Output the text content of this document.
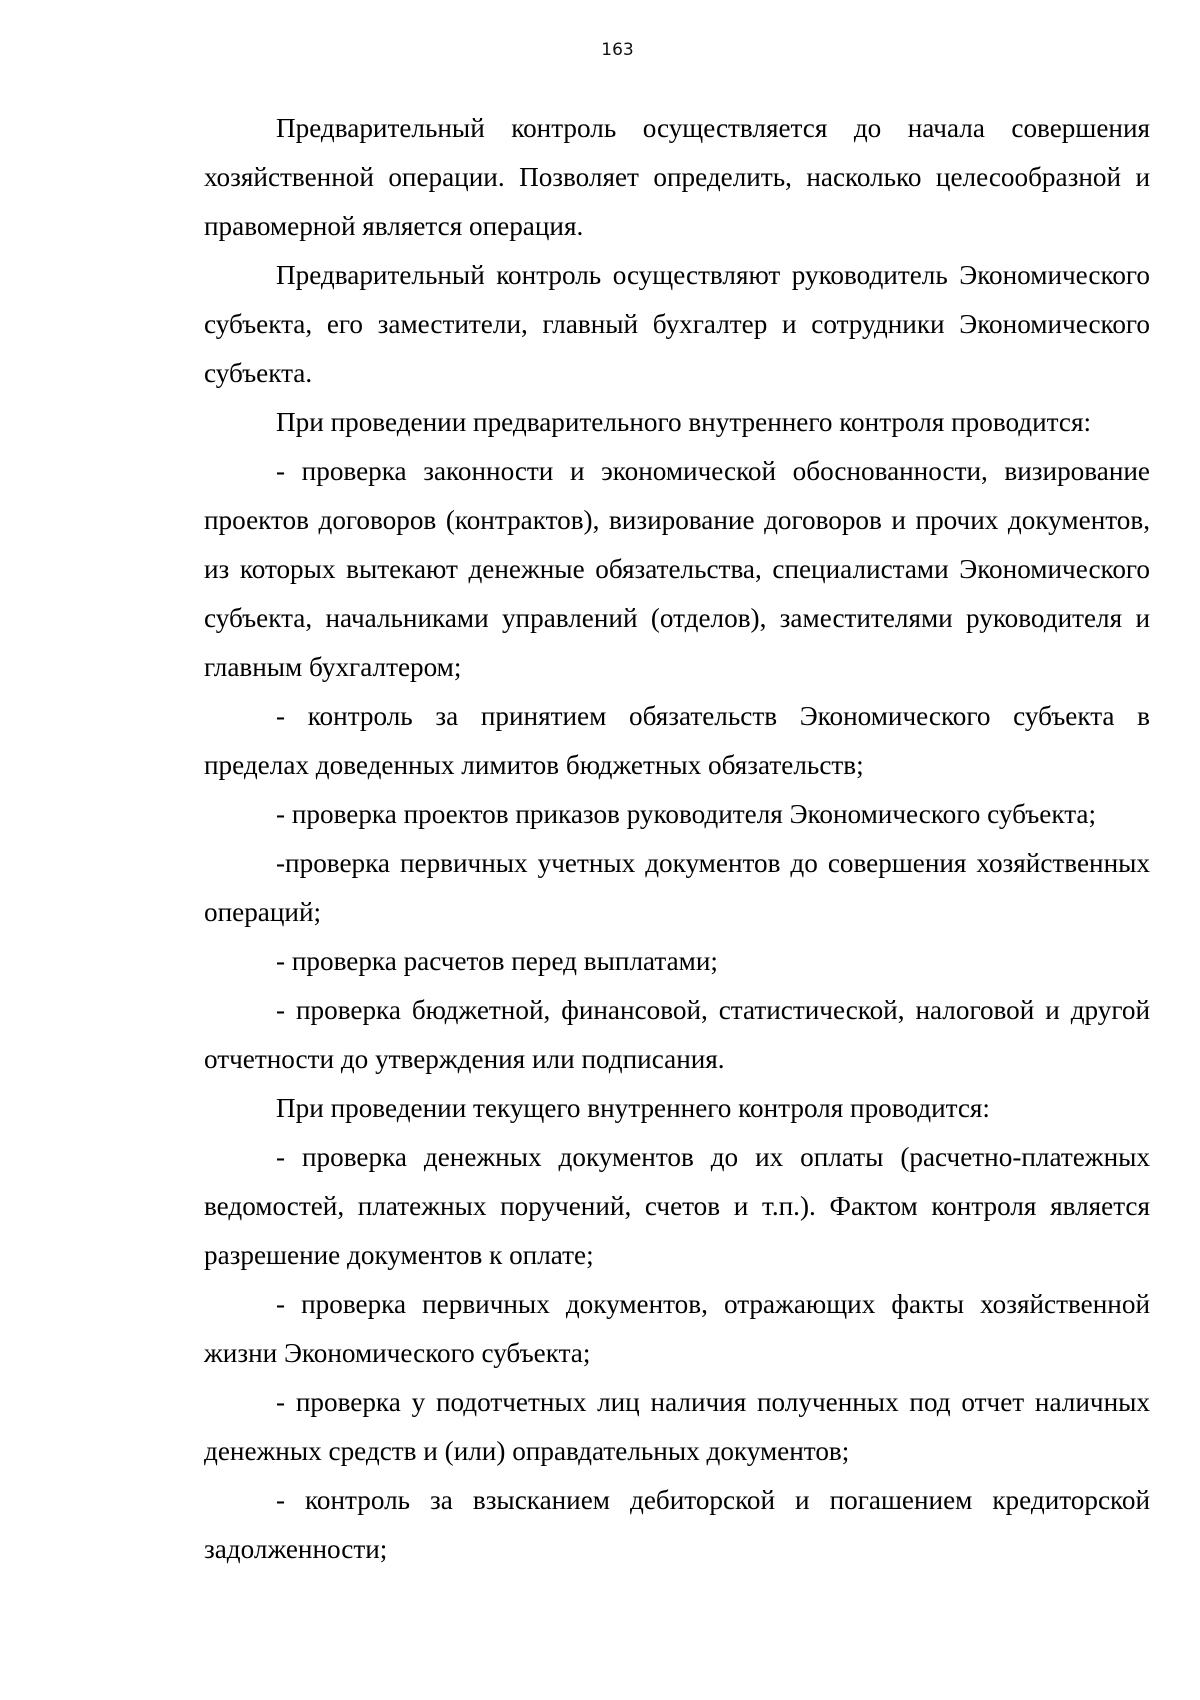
163

Предварительный контроль осуществляется до начала совершения хозяйственной операции. Позволяет определить, насколько целесообразной и правомерной является операция.

Предварительный контроль осуществляют руководитель Экономического субъекта, его заместители, главный бухгалтер и сотрудники Экономического субъекта.

При проведении предварительного внутреннего контроля проводится:

- проверка законности и экономической обоснованности, визирование проектов договоров (контрактов), визирование договоров и прочих документов, из которых вытекают денежные обязательства, специалистами Экономического субъекта, начальниками управлений (отделов), заместителями руководителя и главным бухгалтером;

- контроль за принятием обязательств Экономического субъекта в пределах доведенных лимитов бюджетных обязательств;

- проверка проектов приказов руководителя Экономического субъекта;

-проверка первичных учетных документов до совершения хозяйственных операций;

- проверка расчетов перед выплатами;

- проверка бюджетной, финансовой, статистической, налоговой и другой отчетности до утверждения или подписания.

При проведении текущего внутреннего контроля проводится:

- проверка денежных документов до их оплаты (расчетно-платежных ведомостей, платежных поручений, счетов и т.п.). Фактом контроля является разрешение документов к оплате;

- проверка первичных документов, отражающих факты хозяйственной жизни Экономического субъекта;

- проверка у подотчетных лиц наличия полученных под отчет наличных денежных средств и (или) оправдательных документов;

- контроль за взысканием дебиторской и погашением кредиторской задолженности;
